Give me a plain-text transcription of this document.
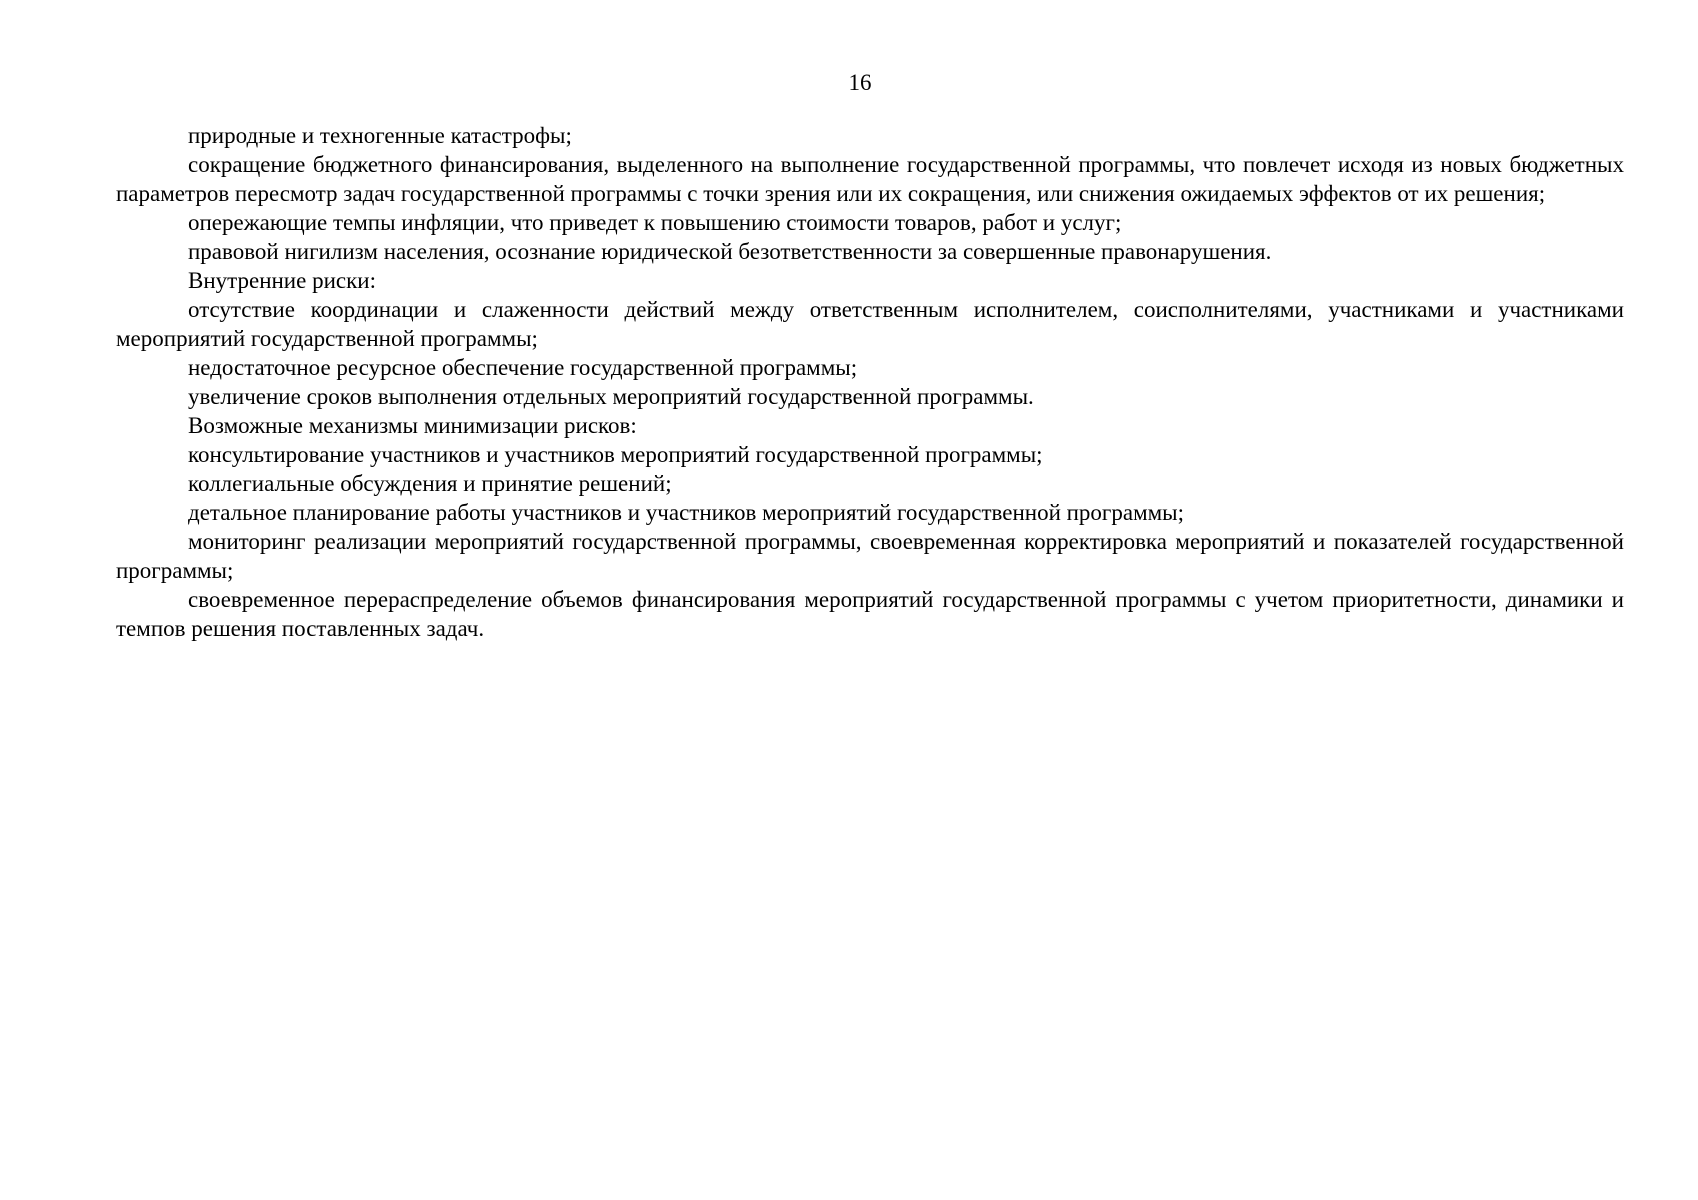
16

природные и техногенные катастрофы;

сокращение бюджетного финансирования, выделенного на выполнение государственной программы, что повлечет исходя из новых бюджетных параметров пересмотр задач государственной программы с точки зрения или их сокращения, или снижения ожидаемых эффектов от их решения;

опережающие темпы инфляции, что приведет к повышению стоимости товаров, работ и услуг;

правовой нигилизм населения, осознание юридической безответственности за совершенные правонарушения.

Внутренние риски:

отсутствие координации и слаженности действий между ответственным исполнителем, соисполнителями, участниками и участниками мероприятий государственной программы;

недостаточное ресурсное обеспечение государственной программы;

увеличение сроков выполнения отдельных мероприятий государственной программы.

Возможные механизмы минимизации рисков:

консультирование участников и участников мероприятий государственной программы;

коллегиальные обсуждения и принятие решений;

детальное планирование работы участников и участников мероприятий государственной программы;

мониторинг реализации мероприятий государственной программы, своевременная корректировка мероприятий и показателей государственной программы;

своевременное перераспределение объемов финансирования мероприятий государственной программы с учетом приоритетности, динамики и темпов решения поставленных задач.
